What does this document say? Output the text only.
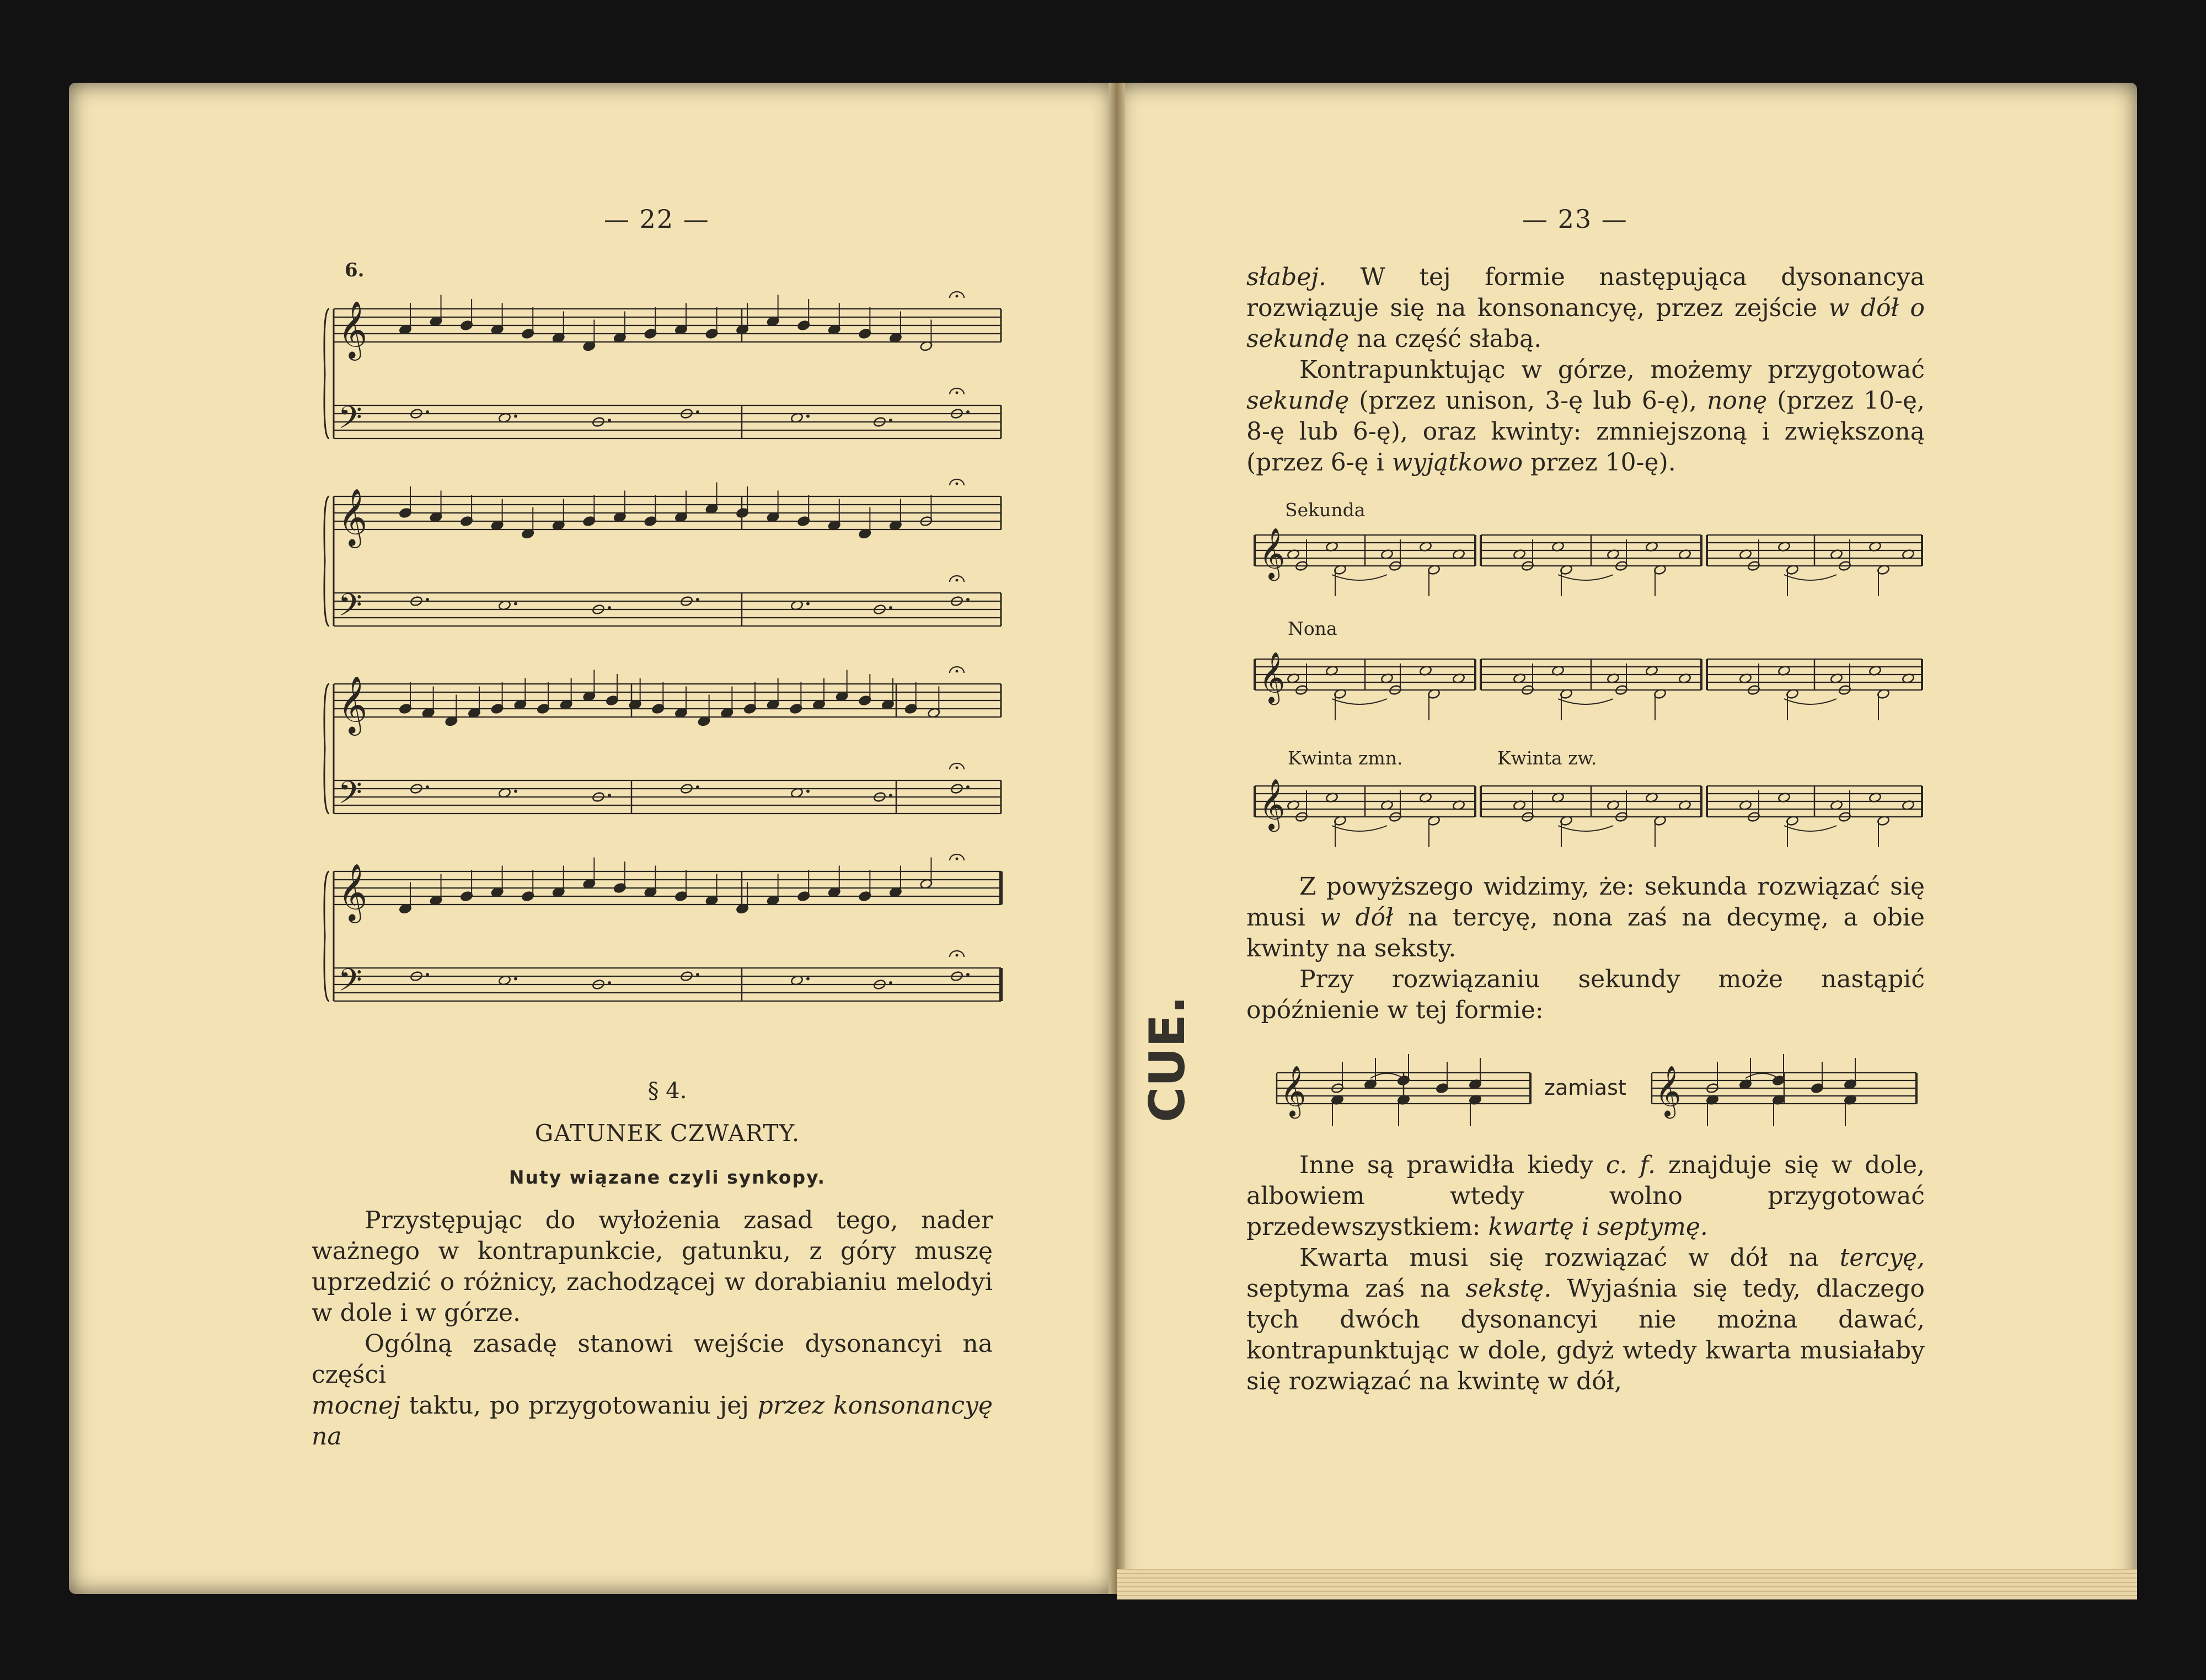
— 22 —
6.
𝄞
𝄢
𝄞
𝄢
𝄞
𝄢
𝄞
𝄢
§ 4.
GATUNEK CZWARTY.
Nuty wiązane czyli synkopy.

Przystępując do wyłożenia zasad tego, nader ważnego w kontrapunkcie, gatunku, z góry muszę uprzedzić o różnicy, zachodzącej w dorabianiu melodyi w dole i w górze.

Ogólną zasadę stanowi wejście dysonancyi na części

mocnej taktu, po przygotowaniu jej przez konsonancyę na

— 23 —

słabej. W tej formie następująca dysonancya rozwiązuje się na konsonancyę, przez zejście w dół o sekundę na część słabą.

Kontrapunktując w górze, możemy przygotować sekundę (przez unison, 3-ę lub 6-ę), nonę (przez 10-ę, 8-ę lub 6-ę), oraz kwinty: zmniejszoną i zwiększoną (przez 6-ę i wyjątkowo przez 10-ę).

Sekunda
Nona
Kwinta zmn.	Kwinta zw.
𝄞
𝄞
𝄞

Z powyższego widzimy, że: sekunda rozwiązać się musi w dół na tercyę, nona zaś na decymę, a obie kwinty na seksty.

Przy rozwiązaniu sekundy może nastąpić opóźnienie w tej formie:

𝄞	𝄞
zamiast

Inne są prawidła kiedy c. f. znajduje się w dole, albowiem wtedy wolno przygotować przedewszystkiem: kwartę i septymę.

Kwarta musi się rozwiązać w dół na tercyę, septyma zaś na sekstę. Wyjaśnia się tedy, dlaczego tych dwóch dysonancyi nie można dawać, kontrapunktując w dole, gdyż wtedy kwarta musiałaby się rozwiązać na kwintę w dół,

CUE.
